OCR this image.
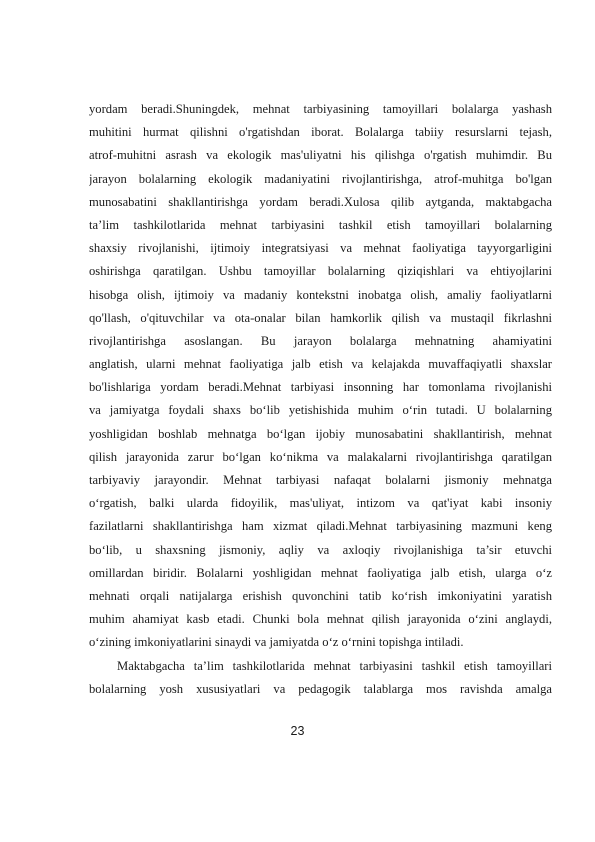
yordam beradi.Shuningdek, mehnat tarbiyasining tamoyillari bolalarga yashash
muhitini hurmat qilishni o'rgatishdan iborat. Bolalarga tabiiy resurslarni tejash,
atrof-muhitni asrash va ekologik mas'uliyatni his qilishga o'rgatish muhimdir. Bu
jarayon bolalarning ekologik madaniyatini rivojlantirishga, atrof-muhitga bo'lgan
munosabatini shakllantirishga yordam beradi.Xulosa qilib aytganda, maktabgacha
ta’lim tashkilotlarida mehnat tarbiyasini tashkil etish tamoyillari bolalarning
shaxsiy rivojlanishi, ijtimoiy integratsiyasi va mehnat faoliyatiga tayyorgarligini
oshirishga qaratilgan. Ushbu tamoyillar bolalarning qiziqishlari va ehtiyojlarini
hisobga olish, ijtimoiy va madaniy kontekstni inobatga olish, amaliy faoliyatlarni
qo'llash, o'qituvchilar va ota-onalar bilan hamkorlik qilish va mustaqil fikrlashni
rivojlantirishga asoslangan. Bu jarayon bolalarga mehnatning ahamiyatini
anglatish, ularni mehnat faoliyatiga jalb etish va kelajakda muvaffaqiyatli shaxslar
bo'lishlariga yordam beradi.Mehnat tarbiyasi insonning har tomonlama rivojlanishi
va jamiyatga foydali shaxs bo‘lib yetishishida muhim o‘rin tutadi. U bolalarning
yoshligidan boshlab mehnatga bo‘lgan ijobiy munosabatini shakllantirish, mehnat
qilish jarayonida zarur bo‘lgan ko‘nikma va malakalarni rivojlantirishga qaratilgan
tarbiyaviy jarayondir. Mehnat tarbiyasi nafaqat bolalarni jismoniy mehnatga
o‘rgatish, balki ularda fidoyilik, mas'uliyat, intizom va qat'iyat kabi insoniy
fazilatlarni shakllantirishga ham xizmat qiladi.Mehnat tarbiyasining mazmuni keng
bo‘lib, u shaxsning jismoniy, aqliy va axloqiy rivojlanishiga ta’sir etuvchi
omillardan biridir. Bolalarni yoshligidan mehnat faoliyatiga jalb etish, ularga o‘z
mehnati orqali natijalarga erishish quvonchini tatib ko‘rish imkoniyatini yaratish
muhim ahamiyat kasb etadi. Chunki bola mehnat qilish jarayonida o‘zini anglaydi,
o‘zining imkoniyatlarini sinaydi va jamiyatda o‘z o‘rnini topishga intiladi.
Maktabgacha ta’lim tashkilotlarida mehnat tarbiyasini tashkil etish tamoyillari
bolalarning yosh xususiyatlari va pedagogik talablarga mos ravishda amalga
23
